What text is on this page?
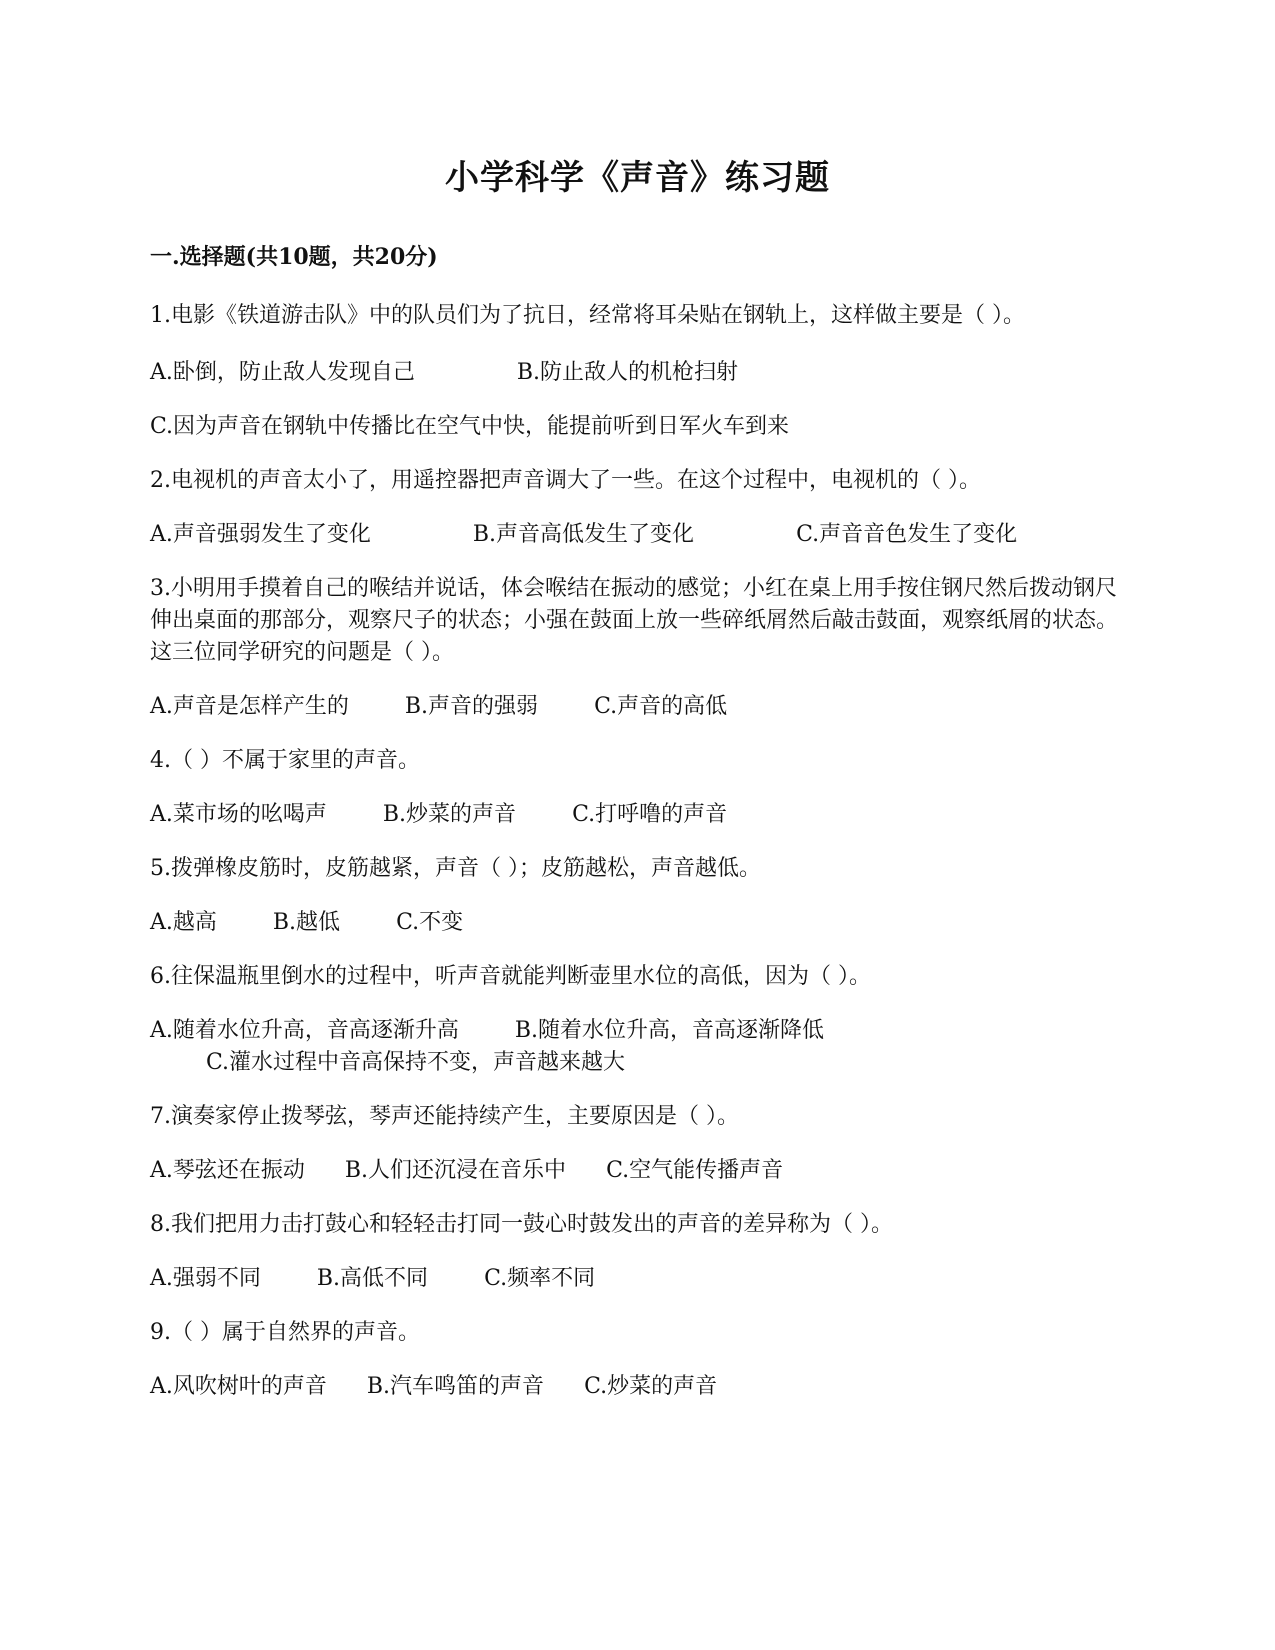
小学科学《声音》练习题
一.选择题(共10题，共20分)
1.电影《铁道游击队》中的队员们为了抗日，经常将耳朵贴在钢轨上，这样做主要是（ ）。
A.卧倒，防止敌人发现自己	B.防止敌人的机枪扫射
C.因为声音在钢轨中传播比在空气中快，能提前听到日军火车到来
2.电视机的声音太小了，用遥控器把声音调大了一些。在这个过程中，电视机的（ ）。
A.声音强弱发生了变化	B.声音高低发生了变化	C.声音音色发生了变化
3.小明用手摸着自己的喉结并说话，体会喉结在振动的感觉；小红在桌上用手按住钢尺然后拨动钢尺伸出桌面的那部分，观察尺子的状态；小强在鼓面上放一些碎纸屑然后敲击鼓面，观察纸屑的状态。这三位同学研究的问题是（ ）。
A.声音是怎样产生的	B.声音的强弱	C.声音的高低
4.（ ）不属于家里的声音。
A.菜市场的吆喝声	B.炒菜的声音	C.打呼噜的声音
5.拨弹橡皮筋时，皮筋越紧，声音（ ）；皮筋越松，声音越低。
A.越高	B.越低	C.不变
6.往保温瓶里倒水的过程中，听声音就能判断壶里水位的高低，因为（ ）。
A.随着水位升高，音高逐渐升高	B.随着水位升高，音高逐渐降低C.灌水过程中音高保持不变，声音越来越大
7.演奏家停止拨琴弦，琴声还能持续产生，主要原因是（ ）。
A.琴弦还在振动 B.人们还沉浸在音乐中 C.空气能传播声音
8.我们把用力击打鼓心和轻轻击打同一鼓心时鼓发出的声音的差异称为（ ）。
A.强弱不同	B.高低不同	C.频率不同
9.（ ）属于自然界的声音。
A.风吹树叶的声音 B.汽车鸣笛的声音 C.炒菜的声音
